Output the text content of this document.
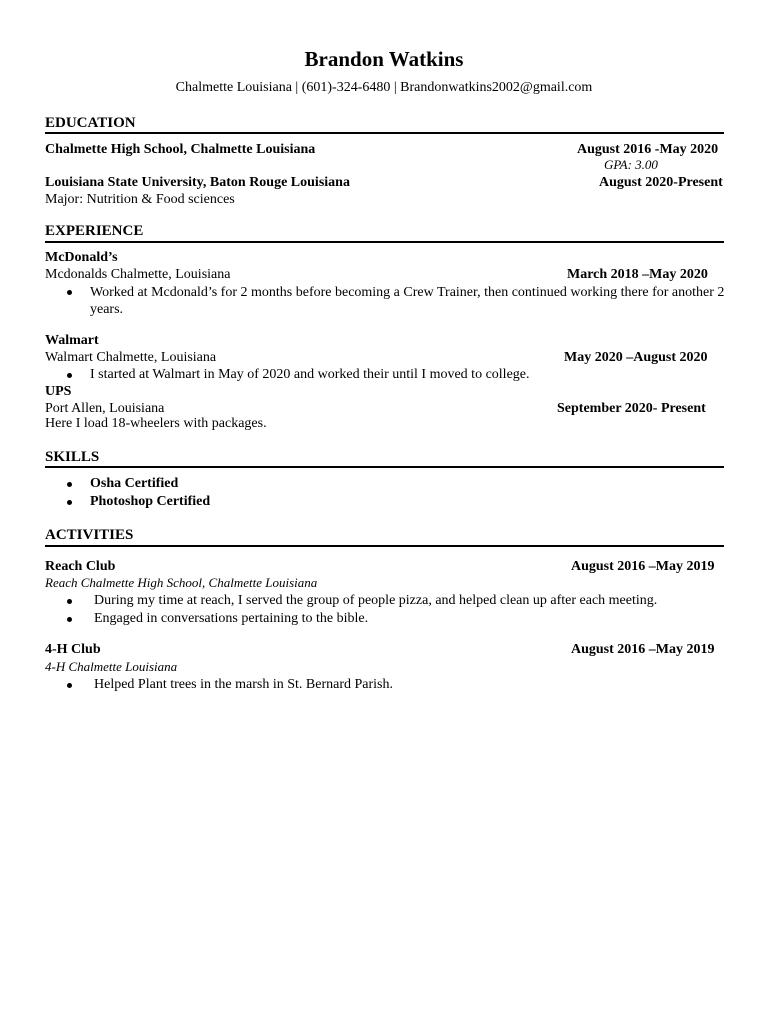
Brandon Watkins
Chalmette Louisiana | (601)-324-6480 | Brandonwatkins2002@gmail.com
EDUCATION
Chalmette High School, Chalmette Louisiana	August 2016 -May 2020
GPA: 3.00
Louisiana State University, Baton Rouge Louisiana	August 2020-Present
Major: Nutrition & Food sciences
EXPERIENCE
McDonald’s
Mcdonalds Chalmette, Louisiana	March 2018 –May 2020
Worked at Mcdonald’s for 2 months before becoming a Crew Trainer, then continued working there for another 2 years.
Walmart
Walmart Chalmette, Louisiana	May 2020 –August 2020
I started at Walmart in May of 2020 and worked their until I moved to college.
UPS
Port Allen, Louisiana	September 2020- Present
Here I load 18-wheelers with packages.
SKILLS
Osha Certified
Photoshop Certified
ACTIVITIES
Reach Club	August 2016 –May 2019
Reach Chalmette High School, Chalmette Louisiana
During my time at reach, I served the group of people pizza, and helped clean up after each meeting.
Engaged in conversations pertaining to the bible.
4-H Club	August 2016 –May 2019
4-H Chalmette Louisiana
Helped Plant trees in the marsh in St. Bernard Parish.
